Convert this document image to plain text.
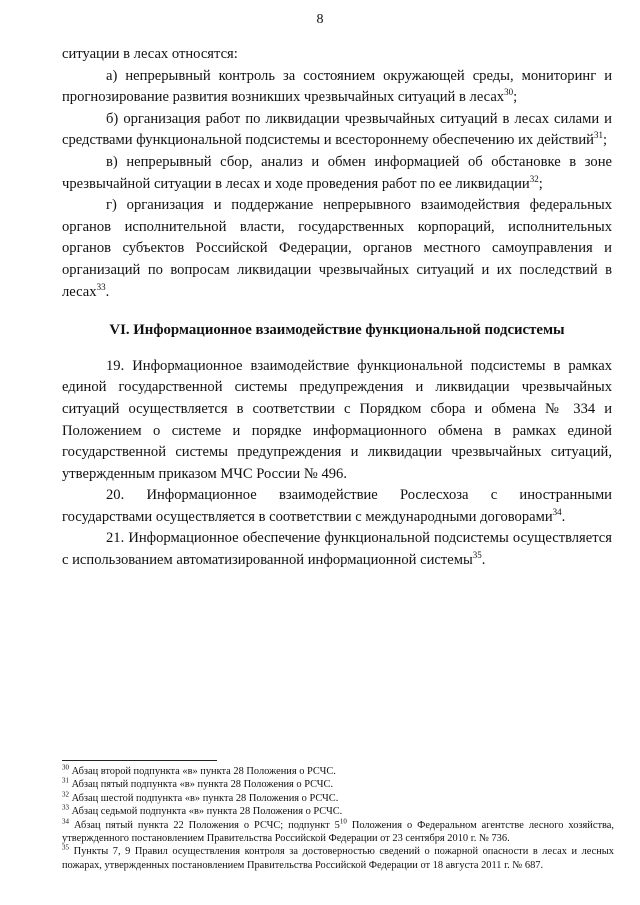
8

ситуации в лесах относятся:

а) непрерывный контроль за состоянием окружающей среды, мониторинг и прогнозирование развития возникших чрезвычайных ситуаций в лесах$^{30}$;

б) организация работ по ликвидации чрезвычайных ситуаций в лесах силами и средствами функциональной подсистемы и всестороннему обеспечению их действий$^{31}$;

в) непрерывный сбор, анализ и обмен информацией об обстановке в зоне чрезвычайной ситуации в лесах и ходе проведения работ по ее ликвидации$^{32}$;

г) организация и поддержание непрерывного взаимодействия федеральных органов исполнительной власти, государственных корпораций, исполнительных органов субъектов Российской Федерации, органов местного самоуправления и организаций по вопросам ликвидации чрезвычайных ситуаций и их последствий в лесах$^{33}$.

VI. Информационное взаимодействие функциональной подсистемы

19. Информационное взаимодействие функциональной подсистемы в рамках единой государственной системы предупреждения и ликвидации чрезвычайных ситуаций осуществляется в соответствии с Порядком сбора и обмена № 334 и Положением о системе и порядке информационного обмена в рамках единой государственной системы предупреждения и ликвидации чрезвычайных ситуаций, утвержденным приказом МЧС России № 496.

20. Информационное взаимодействие Рослесхоза с иностранными государствами осуществляется в соответствии с международными договорами$^{34}$.

21. Информационное обеспечение функциональной подсистемы осуществляется с использованием автоматизированной информационной системы$^{35}$.

$^{30}$ Абзац второй подпункта «в» пункта 28 Положения о РСЧС.

$^{31}$ Абзац пятый подпункта «в» пункта 28 Положения о РСЧС.

$^{32}$ Абзац шестой подпункта «в» пункта 28 Положения о РСЧС.

$^{33}$ Абзац седьмой подпункта «в» пункта 28 Положения о РСЧС.

$^{34}$ Абзац пятый пункта 22 Положения о РСЧС; подпункт $5^{10}$ Положения о Федеральном агентстве лесного хозяйства, утвержденного постановлением Правительства Российской Федерации от 23 сентября 2010 г. № 736.

$^{35}$ Пункты 7, 9 Правил осуществления контроля за достоверностью сведений о пожарной опасности в лесах и лесных пожарах, утвержденных постановлением Правительства Российской Федерации от 18 августа 2011 г. № 687.
